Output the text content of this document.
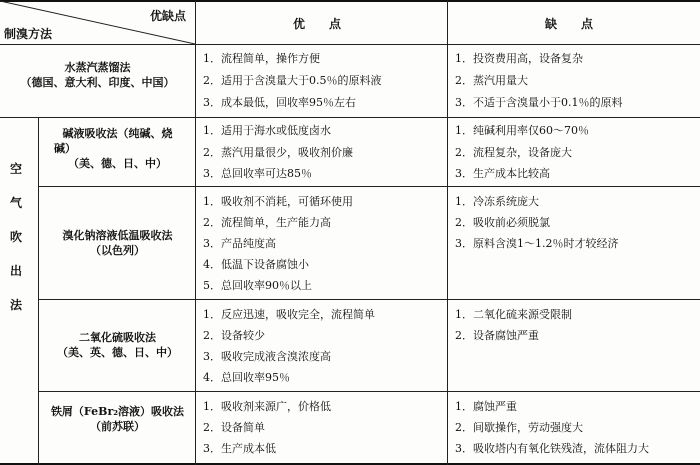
优缺点
制溴方法
优　　点	缺　　点
空
气
吹
出
法
水蒸汽蒸馏法
（德国、意大利、印度、中国）
1．流程简单，操作方便
2．适用于含溴量大于0.5％的原料液
3．成本最低，回收率95％左右
1．投资费用高，设备复杂
2．蒸汽用量大
3．不适于含溴量小于0.1％的原料
碱液吸收法（纯碱、烧
碱）
（美、德、日、中）
1．适用于海水或低度卤水
2．蒸汽用量很少，吸收剂价廉
3．总回收率可达85％
1．纯碱利用率仅60～70％
2．流程复杂，设备庞大
3．生产成本比较高
溴化钠溶液低温吸收法
（以色列）
1．吸收剂不消耗，可循环使用
2．流程简单，生产能力高
3．产品纯度高
4．低温下设备腐蚀小
5．总回收率90％以上
1．冷冻系统庞大
2．吸收前必须脱氯
3．原料含溴1～1.2％时才较经济
二氧化硫吸收法
（美、英、德、日、中）
1．反应迅速，吸收完全，流程简单
2．设备较少
3．吸收完成液含溴浓度高
4．总回收率95％
1．二氧化硫来源受限制
2．设备腐蚀严重
铁屑（FeBr₂溶液）吸收法
（前苏联）
1．吸收剂来源广，价格低
2．设备简单
3．生产成本低
1．腐蚀严重
2．间歇操作，劳动强度大
3．吸收塔内有氧化铁残渣，流体阻力大
